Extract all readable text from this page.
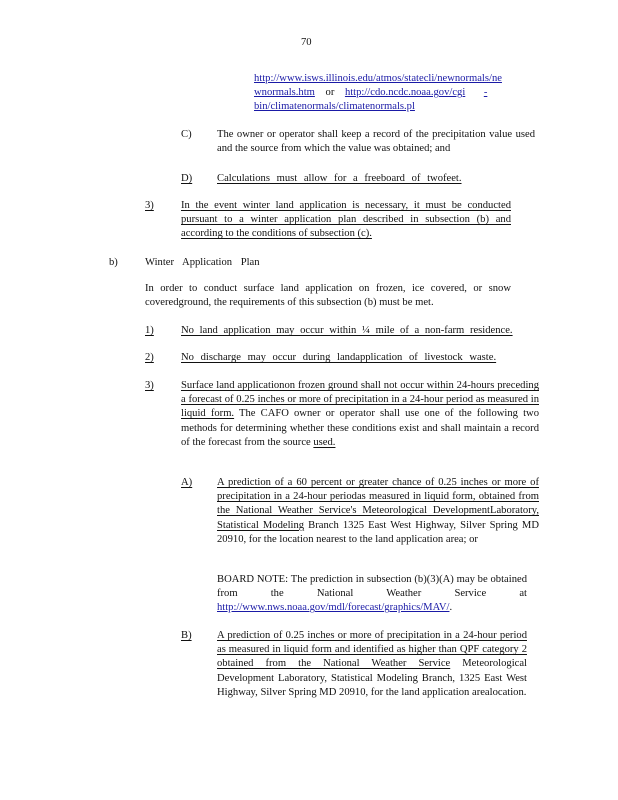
70
http://www.isws.illinois.edu/atmos/statecli/newnormals/ne
wnormals.htm or http://cdo.ncdc.noaa.gov/cgi -
bin/climatenormals/climatenormals.pl
C) The owner or operator shall keep a record of the precipitation value used and the source from which the value was obtained; and
D) Calculations must allow for a freeboard of twofeet.
3)	In the event winter land application is necessary, it must be conducted pursuant to a winter application plan described in subsection (b) and according to the conditions of subsection (c).
b)	Winter Application Plan
In order to conduct surface land application on frozen, ice covered, or snow coveredground, the requirements of this subsection (b) must be met.
1)	No land application may occur within ¼ mile of a non-farm residence.
2)	No discharge may occur during landapplication of livestock waste.
3)	Surface land applicationon frozen ground shall not occur within 24-hours preceding a forecast of 0.25 inches or more of precipitation in a 24-hour period as measured in liquid form. The CAFO owner or operator shall use one of the following two methods for determining whether these conditions exist and shall maintain a record of the forecast from the source used.
A) A prediction of a 60 percent or greater chance of 0.25 inches or more of precipitation in a 24-hour periodas measured in liquid form, obtained from the National Weather Service's Meteorological DevelopmentLaboratory, Statistical Modeling Branch 1325 East West Highway, Silver Spring MD 20910, for the location nearest to the land application area; or
BOARD NOTE: The prediction in subsection (b)(3)(A) may be obtained from the National Weather Service at http://www.nws.noaa.gov/mdl/forecast/graphics/MAV/.
B) A prediction of 0.25 inches or more of precipitation in a 24-hour period as measured in liquid form and identified as higher than QPF category 2 obtained from the National Weather Service Meteorological Development Laboratory, Statistical Modeling Branch, 1325 East West Highway, Silver Spring MD 20910, for the land application arealocation.
